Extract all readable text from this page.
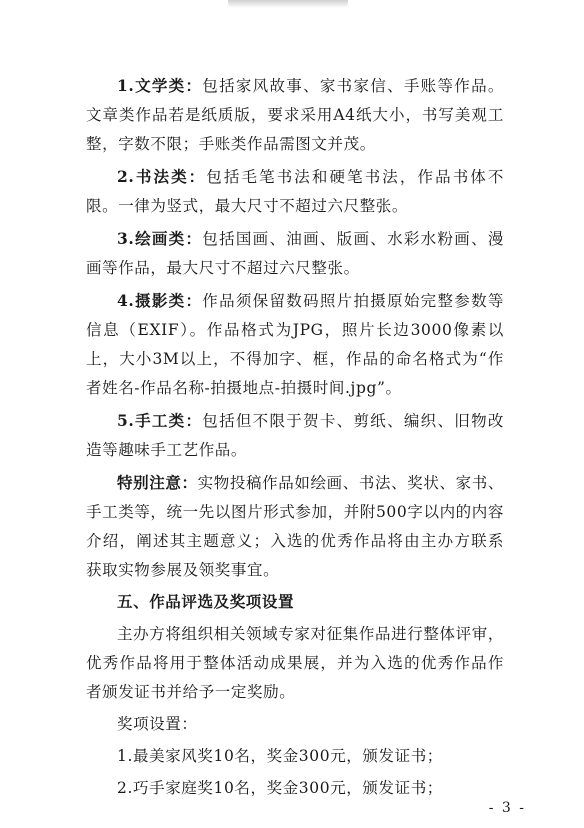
1.文学类：包括家风故事、家书家信、手账等作品。文章类作品若是纸质版，要求采用A4纸大小，书写美观工整，字数不限；手账类作品需图文并茂。

2.书法类：包括毛笔书法和硬笔书法，作品书体不限。一律为竖式，最大尺寸不超过六尺整张。

3.绘画类：包括国画、油画、版画、水彩水粉画、漫画等作品，最大尺寸不超过六尺整张。

4.摄影类：作品须保留数码照片拍摄原始完整参数等信息（EXIF）。作品格式为JPG，照片长边3000像素以上，大小3M以上，不得加字、框，作品的命名格式为“作者姓名-作品名称-拍摄地点-拍摄时间.jpg”。

5.手工类：包括但不限于贺卡、剪纸、编织、旧物改造等趣味手工艺作品。

特别注意：实物投稿作品如绘画、书法、奖状、家书、手工类等，统一先以图片形式参加，并附500字以内的内容介绍，阐述其主题意义；入选的优秀作品将由主办方联系获取实物参展及领奖事宜。

五、作品评选及奖项设置

主办方将组织相关领域专家对征集作品进行整体评审，优秀作品将用于整体活动成果展，并为入选的优秀作品作者颁发证书并给予一定奖励。

奖项设置：

1.最美家风奖10名，奖金300元，颁发证书；

2.巧手家庭奖10名，奖金300元，颁发证书；

- 3 -
